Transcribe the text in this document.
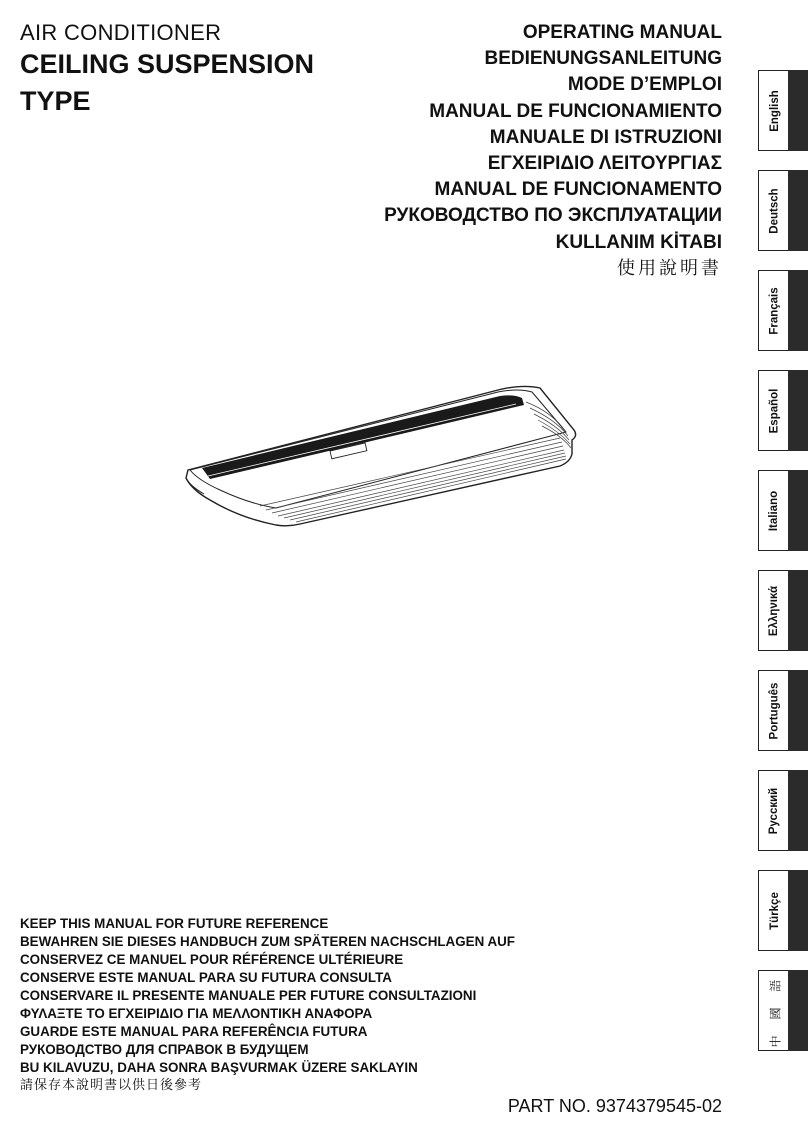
AIR CONDITIONER
CEILING SUSPENSION
TYPE
OPERATING MANUAL
BEDIENUNGSANLEITUNG
MODE D’EMPLOI
MANUAL DE FUNCIONAMIENTO
MANUALE DI ISTRUZIONI
ΕΓΧΕΙΡΙΔΙΟ ΛΕΙΤΟΥΡΓΙΑΣ
MANUAL DE FUNCIONAMENTO
РУКОВОДСТВО ПО ЭКСПЛУАТАЦИИ
KULLANIM KİTABI
使用說明書
English
Deutsch
Français
Español
Italiano
Ελληνικά
Português
Русский
Türkçe
中 國 語
KEEP THIS MANUAL FOR FUTURE REFERENCE
BEWAHREN SIE DIESES HANDBUCH ZUM SPÄTEREN NACHSCHLAGEN AUF
CONSERVEZ CE MANUEL POUR RÉFÉRENCE ULTÉRIEURE
CONSERVE ESTE MANUAL PARA SU FUTURA CONSULTA
CONSERVARE IL PRESENTE MANUALE PER FUTURE CONSULTAZIONI
ΦΥΛΑΞΤΕ ΤΟ ΕΓΧΕΙΡΙΔΙΟ ΓΙΑ ΜΕΛΛΟΝΤΙΚΗ ΑΝΑΦΟΡΑ
GUARDE ESTE MANUAL PARA REFERÊNCIA FUTURA
РУКОВОДСТВО ДЛЯ СПРАВОК В БУДУЩЕМ
BU KILAVUZU, DAHA SONRA BAŞVURMAK ÜZERE SAKLAYIN
請保存本說明書以供日後參考
PART NO. 9374379545-02
